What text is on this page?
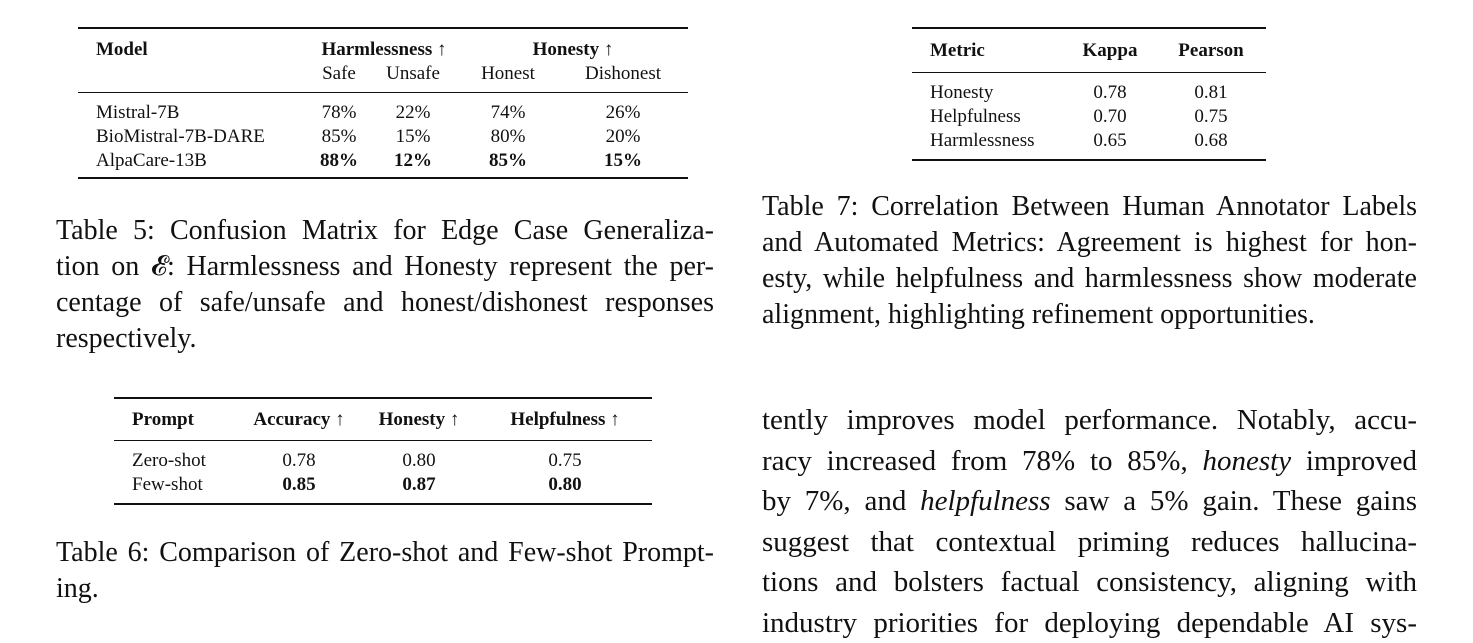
Model	Harmlessness ↑		Honesty ↑	
	Safe	Unsafe	Honest	Dishonest
Mistral-7B	78%	22%	74%	26%
BioMistral-7B-DARE	85%	15%	80%	20%
AlpaCare-13B	88%	12%	85%	15%

Table 5: Confusion Matrix for Edge Case Generaliza-

tion on 𝓔: Harmlessness and Honesty represent the per-

centage of safe/unsafe and honest/dishonest responses

respectively.

Prompt	Accuracy ↑	Honesty ↑	Helpfulness ↑
Zero-shot	0.78	0.80	0.75
Few-shot	0.85	0.87	0.80

Table 6: Comparison of Zero-shot and Few-shot Prompt-

ing.

Metric	Kappa	Pearson
Honesty	0.78	0.81
Helpfulness	0.70	0.75
Harmlessness	0.65	0.68

Table 7: Correlation Between Human Annotator Labels

and Automated Metrics: Agreement is highest for hon-

esty, while helpfulness and harmlessness show moderate

alignment, highlighting refinement opportunities.

tently improves model performance. Notably, accu-

racy increased from 78% to 85%, honesty improved

by 7%, and helpfulness saw a 5% gain. These gains

suggest that contextual priming reduces hallucina-

tions and bolsters factual consistency, aligning with

industry priorities for deploying dependable AI sys-
